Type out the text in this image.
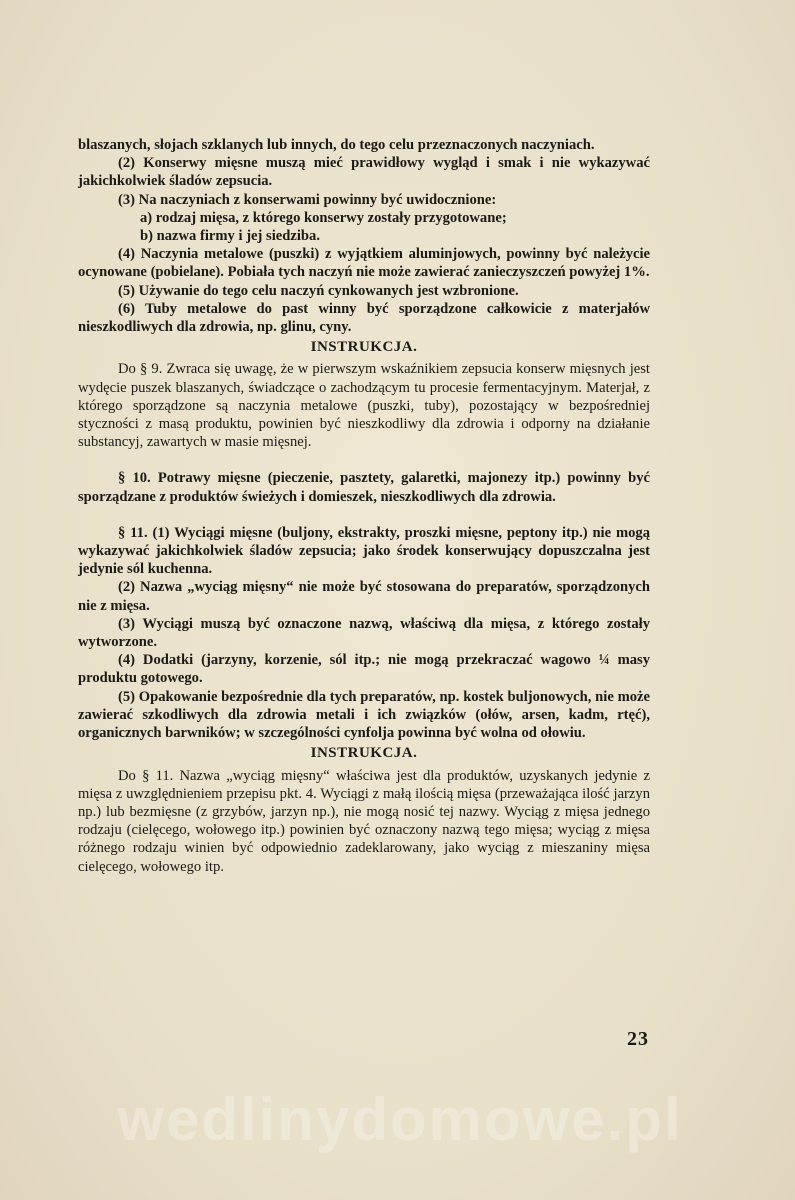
blaszanych, słojach szklanych lub innych, do tego celu przeznaczonych naczyniach.

(2) Konserwy mięsne muszą mieć prawidłowy wygląd i smak i nie wykazywać jakichkolwiek śladów zepsucia.

(3) Na naczyniach z konserwami powinny być uwidocznione:

a) rodzaj mięsa, z którego konserwy zostały przygotowane;

b) nazwa firmy i jej siedziba.

(4) Naczynia metalowe (puszki) z wyjątkiem aluminjowych, powinny być należycie ocynowane (pobielane). Pobiała tych naczyń nie może zawierać zanieczyszczeń powyżej 1%.

(5) Używanie do tego celu naczyń cynkowanych jest wzbronione.

(6) Tuby metalowe do past winny być sporządzone całkowicie z materjałów nieszkodliwych dla zdrowia, np. glinu, cyny.

INSTRUKCJA.

Do § 9. Zwraca się uwagę, że w pierwszym wskaźnikiem zepsucia konserw mięsnych jest wydęcie puszek blaszanych, świadczące o zachodzącym tu procesie fermentacyjnym. Materjał, z którego sporządzone są naczynia metalowe (puszki, tuby), pozostający w bezpośredniej styczności z masą produktu, powinien być nieszkodliwy dla zdrowia i odporny na działanie substancyj, zawartych w masie mięsnej.

§ 10. Potrawy mięsne (pieczenie, pasztety, galaretki, majonezy itp.) powinny być sporządzane z produktów świeżych i domieszek, nieszkodliwych dla zdrowia.

§ 11. (1) Wyciągi mięsne (buljony, ekstrakty, proszki mięsne, peptony itp.) nie mogą wykazywać jakichkolwiek śladów zepsucia; jako środek konserwujący dopuszczalna jest jedynie sól kuchenna.

(2) Nazwa „wyciąg mięsny“ nie może być stosowana do preparatów, sporządzonych nie z mięsa.

(3) Wyciągi muszą być oznaczone nazwą, właściwą dla mięsa, z którego zostały wytworzone.

(4) Dodatki (jarzyny, korzenie, sól itp.; nie mogą przekraczać wagowo ¼ masy produktu gotowego.

(5) Opakowanie bezpośrednie dla tych preparatów, np. kostek buljonowych, nie może zawierać szkodliwych dla zdrowia metali i ich związków (ołów, arsen, kadm, rtęć), organicznych barwników; w szczególności cynfolja powinna być wolna od ołowiu.

INSTRUKCJA.

Do § 11. Nazwa „wyciąg mięsny“ właściwa jest dla produktów, uzyskanych jedynie z mięsa z uwzględnieniem przepisu pkt. 4. Wyciągi z małą ilością mięsa (przeważająca ilość jarzyn np.) lub bezmięsne (z grzybów, jarzyn np.), nie mogą nosić tej nazwy. Wyciąg z mięsa jednego rodzaju (cielęcego, wołowego itp.) powinien być oznaczony nazwą tego mięsa; wyciąg z mięsa różnego rodzaju winien być odpowiednio zadeklarowany, jako wyciąg z mieszaniny mięsa cielęcego, wołowego itp.

23
wedlinydomowe.pl
